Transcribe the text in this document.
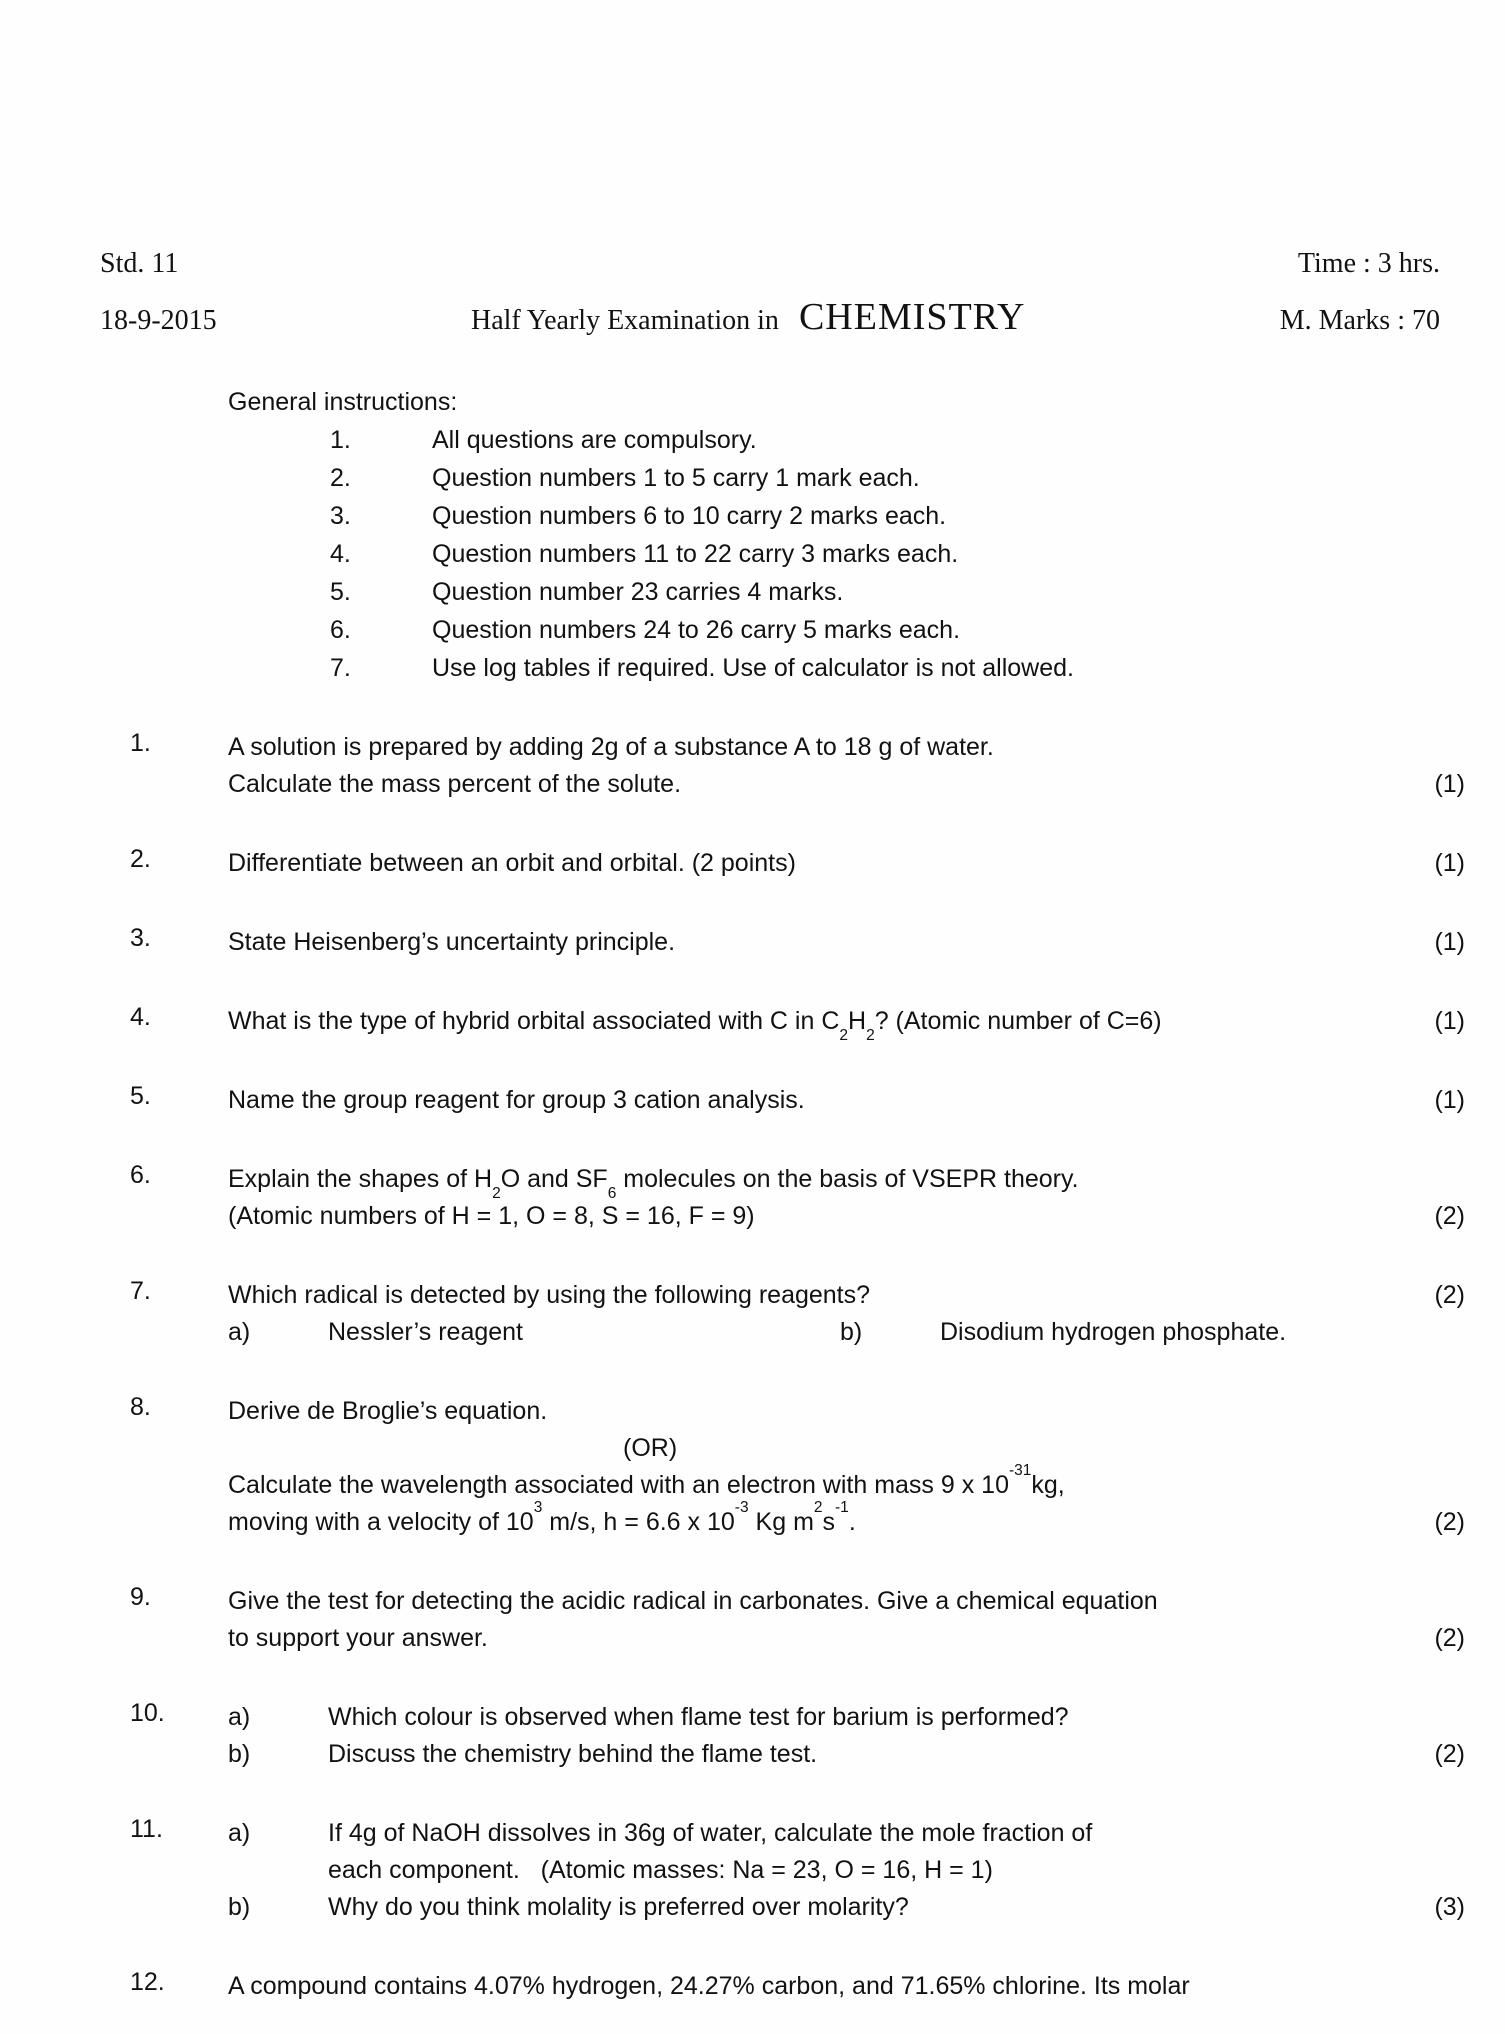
Std. 11	Time : 3 hrs.
18-9-2015	Half Yearly Examination in CHEMISTRY	M. Marks : 70
General instructions:
1.	All questions are compulsory.
2.	Question numbers 1 to 5 carry 1 mark each.
3.	Question numbers 6 to 10 carry 2 marks each.
4.	Question numbers 11 to 22 carry 3 marks each.
5.	Question number 23 carries 4 marks.
6.	Question numbers 24 to 26 carry 5 marks each.
7.	Use log tables if required. Use of calculator is not allowed.
1.	A solution is prepared by adding 2g of a substance A to 18 g of water.
Calculate the mass percent of the solute.	(1)
2.	Differentiate between an orbit and orbital. (2 points)	(1)
3.	State Heisenberg’s uncertainty principle.	(1)
4.	What is the type of hybrid orbital associated with C in $C_2H_2$? (Atomic number of C=6)	(1)
5.	Name the group reagent for group 3 cation analysis.	(1)
6.	Explain the shapes of $H_2O$ and $SF_6$ molecules on the basis of VSEPR theory.
(Atomic numbers of H = 1, O = 8, S = 16, F = 9)	(2)
7.	Which radical is detected by using the following reagents?	(2)
a)	Nessler’s reagent	b)	Disodium hydrogen phosphate.
8.	Derive de Broglie’s equation.
(OR)
Calculate the wavelength associated with an electron with mass 9 x $10^{-31}kg$,
moving with a velocity of $10^3$ m/s, h = 6.6 x $10^{-3}$ Kg $m^2s^{-1}$.	(2)
9.	Give the test for detecting the acidic radical in carbonates. Give a chemical equation
to support your answer.	(2)
10.	a)	Which colour is observed when flame test for barium is performed?
b)	Discuss the chemistry behind the flame test.	(2)
11.	a)	If 4g of NaOH dissolves in 36g of water, calculate the mole fraction of
each component.   (Atomic masses: Na = 23, O = 16, H = 1)
b)	Why do you think molality is preferred over molarity?	(3)
12.	A compound contains 4.07% hydrogen, 24.27% carbon, and 71.65% chlorine. Its molar
